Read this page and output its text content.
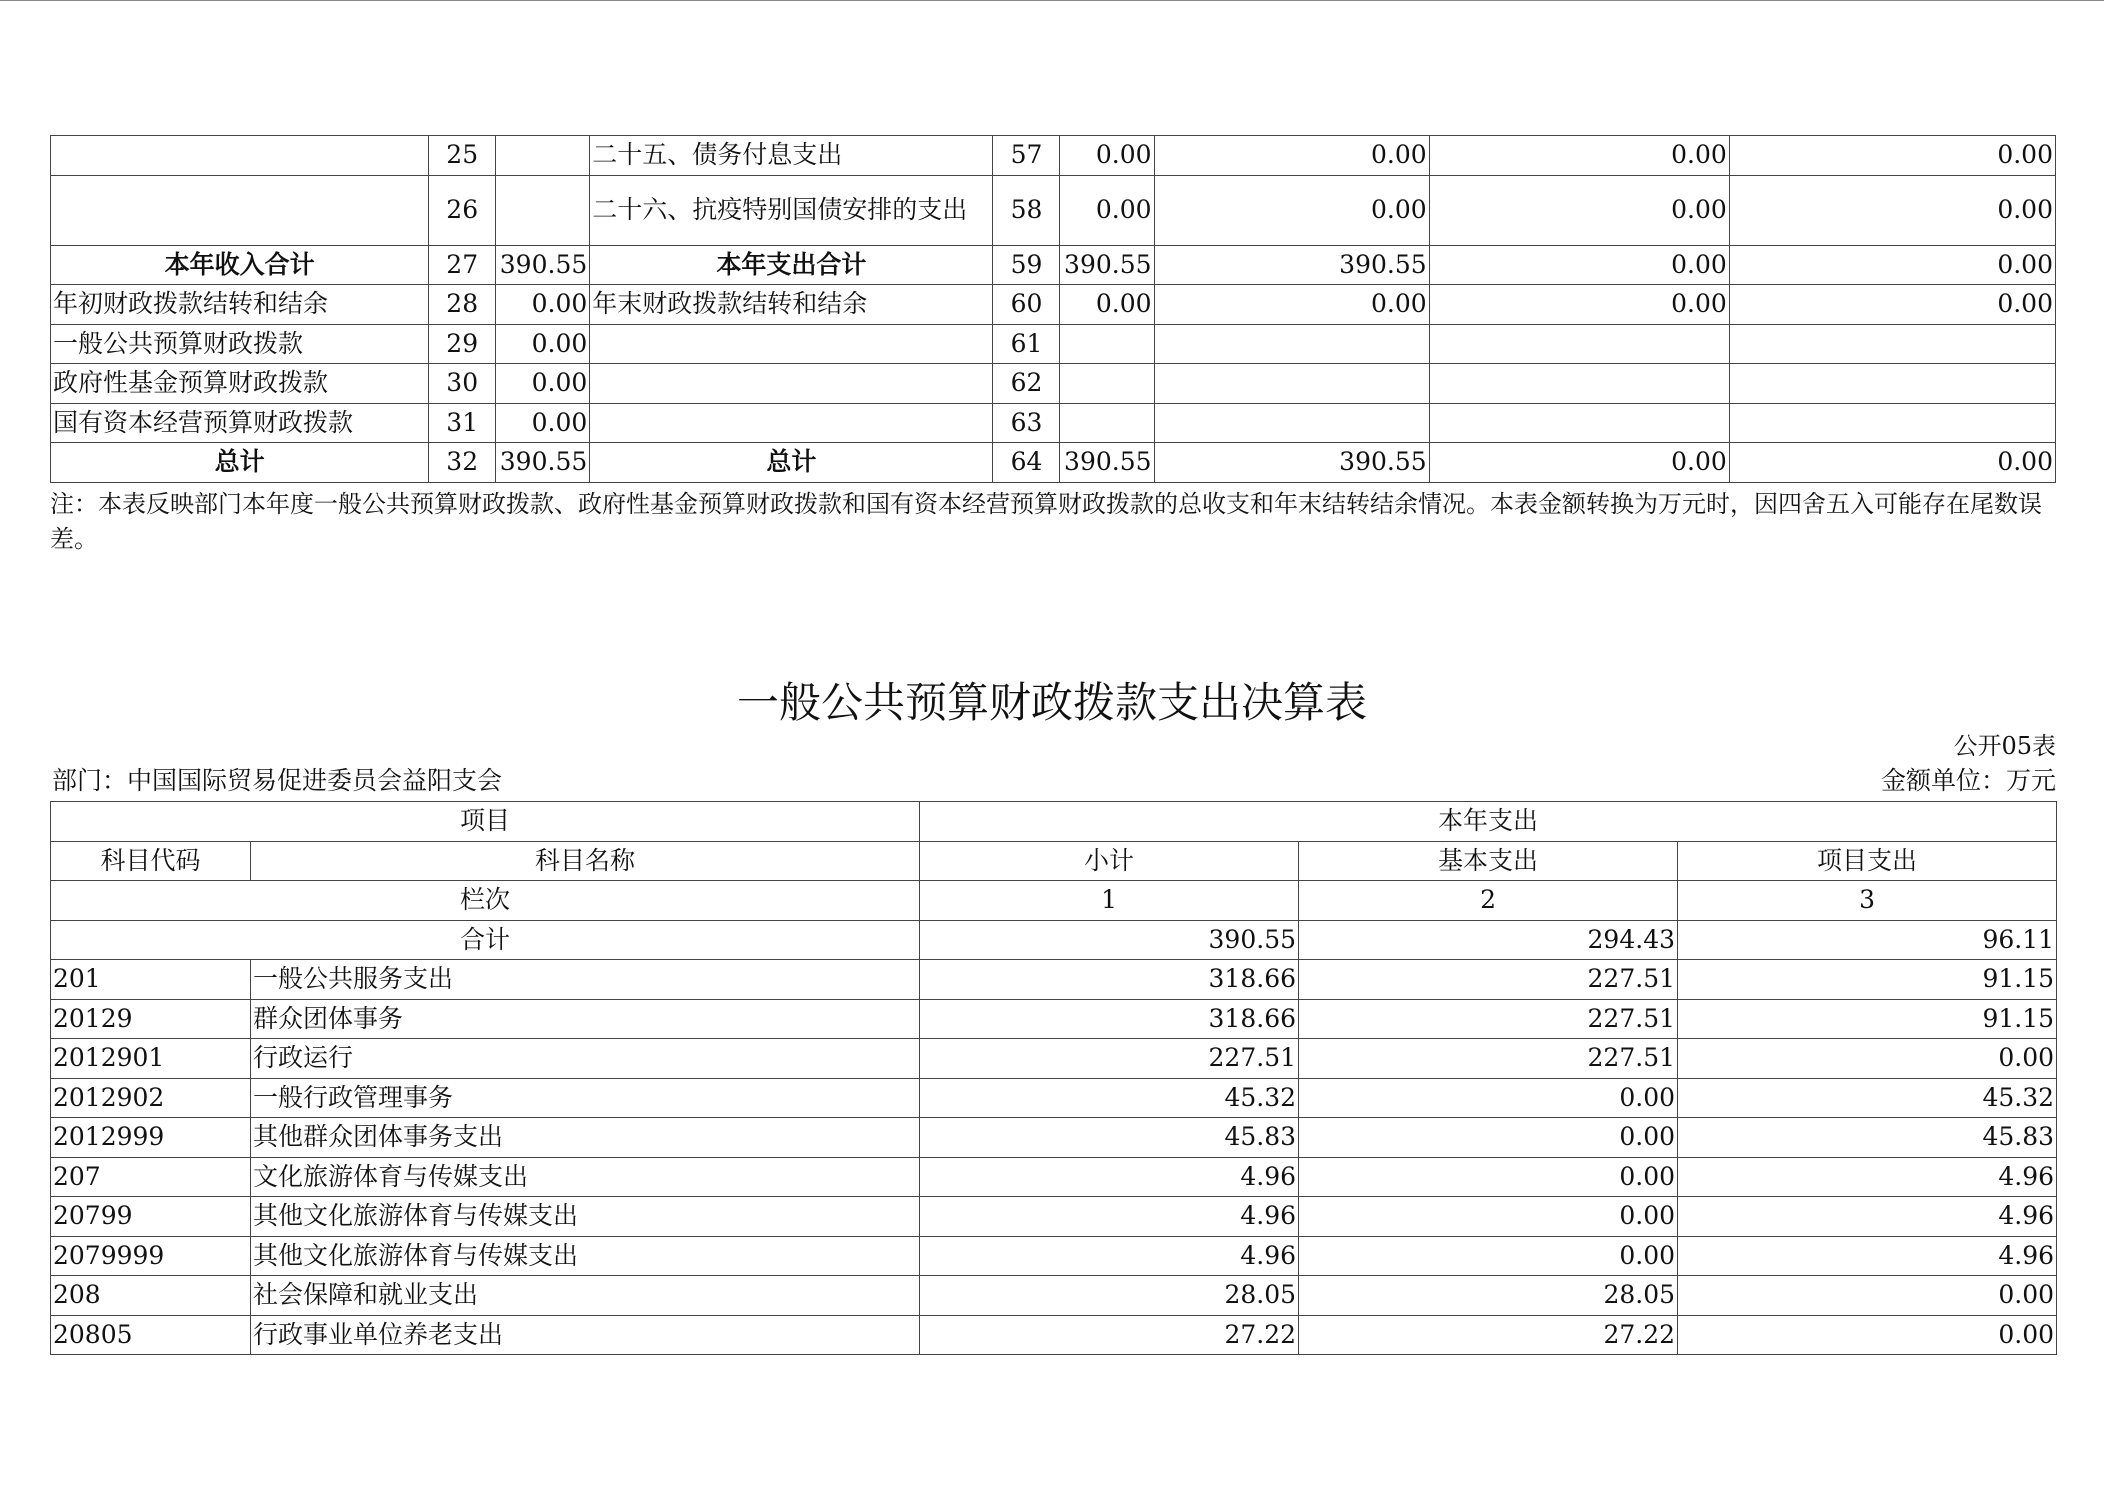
	25		二十五、债务付息支出	57	0.00	0.00	0.00	0.00
	26		二十六、抗疫特别国债安排的支出	58	0.00	0.00	0.00	0.00
本年收入合计	27	390.55	本年支出合计	59	390.55	390.55	0.00	0.00
年初财政拨款结转和结余	28	0.00	年末财政拨款结转和结余	60	0.00	0.00	0.00	0.00
一般公共预算财政拨款	29	0.00		61				
政府性基金预算财政拨款	30	0.00		62				
国有资本经营预算财政拨款	31	0.00		63				
总计	32	390.55	总计	64	390.55	390.55	0.00	0.00
注：本表反映部门本年度一般公共预算财政拨款、政府性基金预算财政拨款和国有资本经营预算财政拨款的总收支和年末结转结余情况。本表金额转换为万元时，因四舍五入可能存在尾数误差。
一般公共预算财政拨款支出决算表
公开05表
部门：中国国际贸易促进委员会益阳支会	金额单位：万元
项目		本年支出		
科目代码	科目名称	小计	基本支出	项目支出
栏次		1	2	3
合计		390.55	294.43	96.11
201	一般公共服务支出	318.66	227.51	91.15
20129	群众团体事务	318.66	227.51	91.15
2012901	行政运行	227.51	227.51	0.00
2012902	一般行政管理事务	45.32	0.00	45.32
2012999	其他群众团体事务支出	45.83	0.00	45.83
207	文化旅游体育与传媒支出	4.96	0.00	4.96
20799	其他文化旅游体育与传媒支出	4.96	0.00	4.96
2079999	其他文化旅游体育与传媒支出	4.96	0.00	4.96
208	社会保障和就业支出	28.05	28.05	0.00
20805	行政事业单位养老支出	27.22	27.22	0.00
